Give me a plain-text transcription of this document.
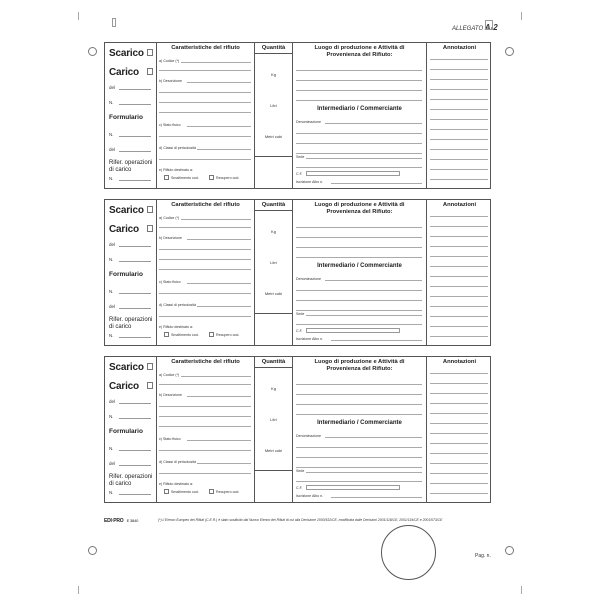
ALLEGATO A-2
Scarico
Carico
del
N.
Formulario
N.
del
Rifer. operazioni di carico
N.
Caratteristiche del rifiuto
a) Codice (*)
b) Descrizione
c) Stato fisico
d) Classi di pericolosità
e) Rifiuto destinato a:
Smaltimento cod.	Recupero cod.
Quantità
Kg
Litri
Metri cubi
Luogo di produzione e Attività di Provenienza del Rifiuto:
Intermediario / Commerciante
Denominazione
Sede
C.F.
Iscrizione Albo n.
Annotazioni
Scarico
Carico
del
N.
Formulario
N.
del
Rifer. operazioni di carico
N.
Caratteristiche del rifiuto
a) Codice (*)
b) Descrizione
c) Stato fisico
d) Classi di pericolosità
e) Rifiuto destinato a:
Smaltimento cod.	Recupero cod.
Quantità
Kg
Litri
Metri cubi
Luogo di produzione e Attività di Provenienza del Rifiuto:
Intermediario / Commerciante
Denominazione
Sede
C.F.
Iscrizione Albo n.
Annotazioni
Scarico
Carico
del
N.
Formulario
N.
del
Rifer. operazioni di carico
N.
Caratteristiche del rifiuto
a) Codice (*)
b) Descrizione
c) Stato fisico
d) Classi di pericolosità
e) Rifiuto destinato a:
Smaltimento cod.	Recupero cod.
Quantità
Kg
Litri
Metri cubi
Luogo di produzione e Attività di Provenienza del Rifiuto:
Intermediario / Commerciante
Denominazione
Sede
C.F.
Iscrizione Albo n.
Annotazioni
EDI·PRO E 3840	(*) L'Elenco Europeo dei Rifiuti (C.E.R.) è stato sostituito dal Nuovo Elenco dei Rifiuti di cui alla Decisione 2000/532/CE, modificata dalle Decisioni 2001/118/CE, 2001/119/CE e 2001/573/CE
Pag. n.
